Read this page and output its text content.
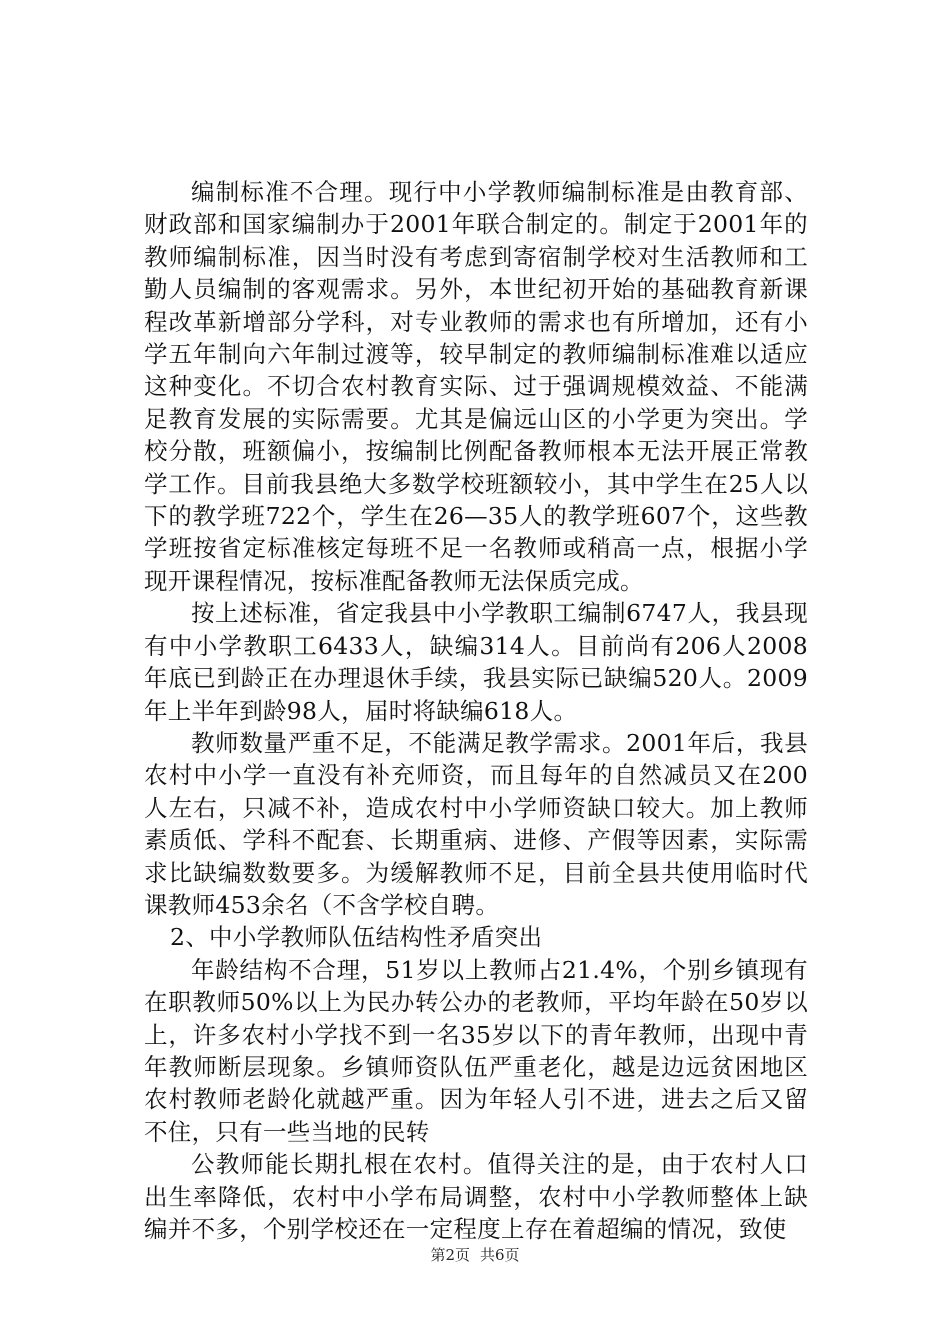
编制标准不合理。现行中小学教师编制标准是由教育部、财政部和国家编制办于2001年联合制定的。制定于2001年的教师编制标准，因当时没有考虑到寄宿制学校对生活教师和工勤人员编制的客观需求。另外，本世纪初开始的基础教育新课程改革新增部分学科，对专业教师的需求也有所增加，还有小学五年制向六年制过渡等，较早制定的教师编制标准难以适应这种变化。不切合农村教育实际、过于强调规模效益、不能满足教育发展的实际需要。尤其是偏远山区的小学更为突出。学校分散，班额偏小，按编制比例配备教师根本无法开展正常教学工作。目前我县绝大多数学校班额较小，其中学生在25人以下的教学班722个，学生在26—35人的教学班607个，这些教学班按省定标准核定每班不足一名教师或稍高一点，根据小学现开课程情况，按标准配备教师无法保质完成。

按上述标准，省定我县中小学教职工编制6747人，我县现有中小学教职工6433人，缺编314人。目前尚有206人2008年底已到龄正在办理退休手续，我县实际已缺编520人。2009年上半年到龄98人，届时将缺编618人。

教师数量严重不足，不能满足教学需求。2001年后，我县农村中小学一直没有补充师资，而且每年的自然减员又在200人左右，只减不补，造成农村中小学师资缺口较大。加上教师素质低、学科不配套、长期重病、进修、产假等因素，实际需求比缺编数数要多。为缓解教师不足，目前全县共使用临时代课教师453余名（不含学校自聘。

2、中小学教师队伍结构性矛盾突出

年龄结构不合理，51岁以上教师占21.4%，个别乡镇现有在职教师50%以上为民办转公办的老教师，平均年龄在50岁以上，许多农村小学找不到一名35岁以下的青年教师，出现中青年教师断层现象。乡镇师资队伍严重老化，越是边远贫困地区农村教师老龄化就越严重。因为年轻人引不进，进去之后又留不住，只有一些当地的民转

公教师能长期扎根在农村。值得关注的是，由于农村人口出生率降低，农村中小学布局调整，农村中小学教师整体上缺编并不多，个别学校还在一定程度上存在着超编的情况，致使

第2页 共6页
